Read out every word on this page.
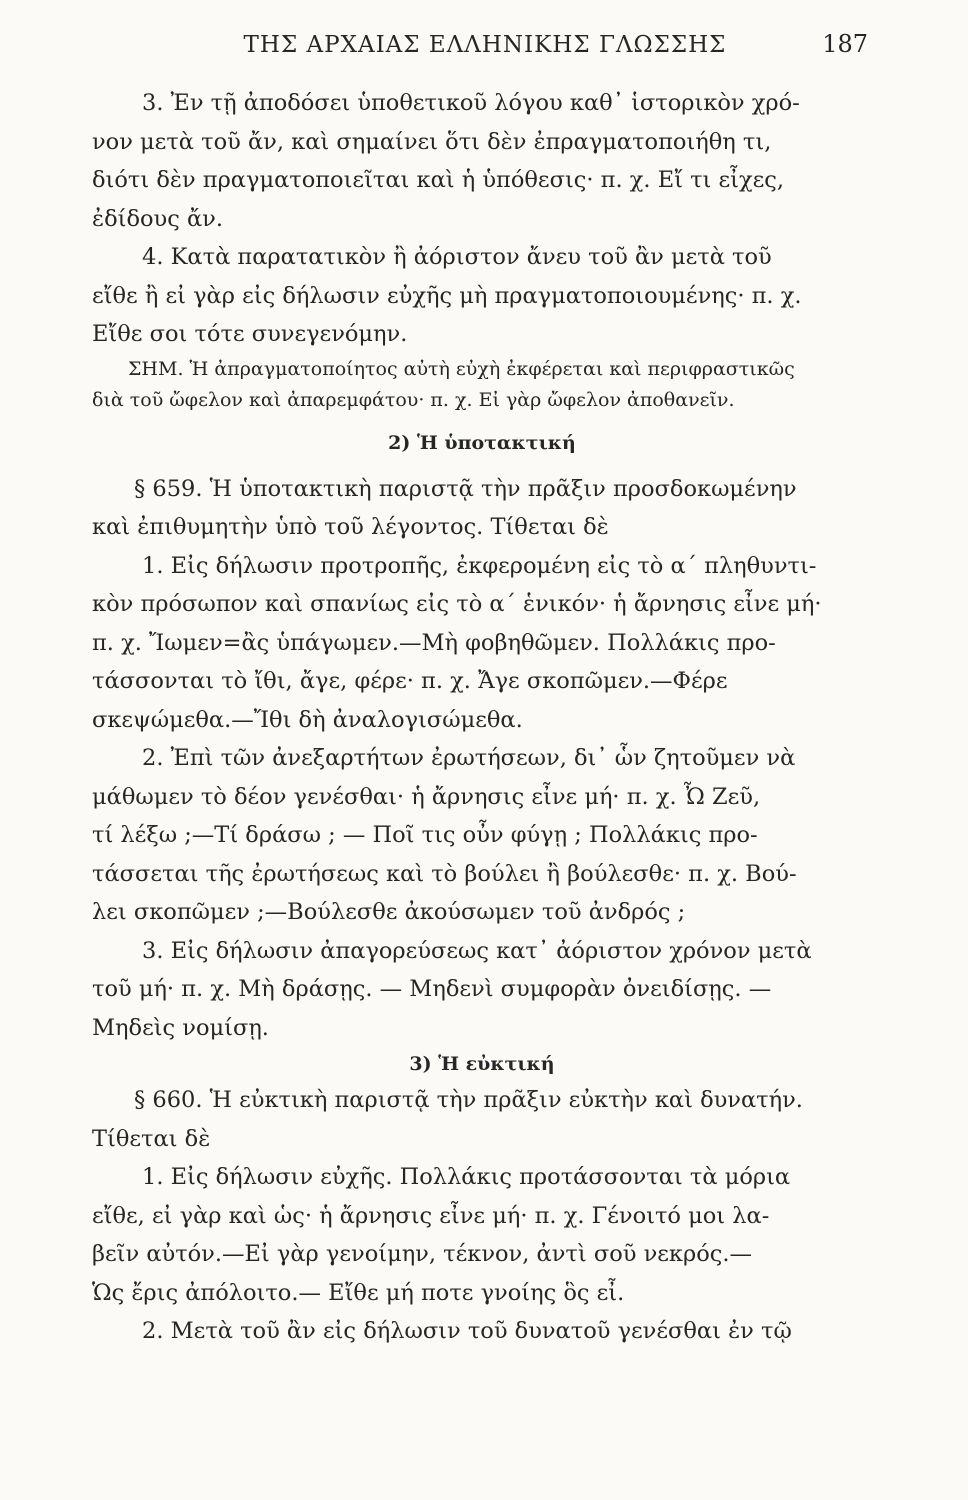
ΤΗΣ ΑΡΧΑΙΑΣ ΕΛΛΗΝΙΚΗΣ ΓΛΩΣΣΗΣ	187
3. Ἐν τῇ ἀποδόσει ὑποθετικοῦ λόγου καθ᾿ ἱστορικὸν χρό-
νον μετὰ τοῦ ἄν, καὶ σημαίνει ὅτι δὲν ἐπραγματοποιήθη τι,
διότι δὲν πραγματοποιεῖται καὶ ἡ ὑπόθεσις· π. χ. Εἴ τι εἶχες,
ἐδίδους ἄν.
4. Κατὰ παρατατικὸν ἢ ἀόριστον ἄνευ τοῦ ἂν μετὰ τοῦ
εἴθε ἢ εἰ γὰρ εἰς δήλωσιν εὐχῆς μὴ πραγματοποιουμένης· π. χ.
Εἴθε σοι τότε συνεγενόμην.
ΣΗΜ. Ἡ ἀπραγματοποίητος αὐτὴ εὐχὴ ἐκφέρεται καὶ περιφραστικῶς
διὰ τοῦ ὤφελον καὶ ἀπαρεμφάτου· π. χ. Εἰ γὰρ ὤφελον ἀποθανεῖν.
2) Ἡ ὑποτακτική
§ 659. Ἡ ὑποτακτικὴ παριστᾷ τὴν πρᾶξιν προσδοκωμένην
καὶ ἐπιθυμητὴν ὑπὸ τοῦ λέγοντος. Τίθεται δὲ
1. Εἰς δήλωσιν προτροπῆς, ἐκφερομένη εἰς τὸ α´ πληθυντι-
κὸν πρόσωπον καὶ σπανίως εἰς τὸ α´ ἑνικόν· ἡ ἄρνησις εἶνε μή·
π. χ. Ἴωμεν=ἂς ὑπάγωμεν.—Μὴ φοβηθῶμεν. Πολλάκις προ-
τάσσονται τὸ ἴθι, ἄγε, φέρε· π. χ. Ἄγε σκοπῶμεν.—Φέρε
σκεψώμεθα.—Ἴθι δὴ ἀναλογισώμεθα.
2. Ἐπὶ τῶν ἀνεξαρτήτων ἐρωτήσεων, δι᾿ ὧν ζητοῦμεν νὰ
μάθωμεν τὸ δέον γενέσθαι· ἡ ἄρνησις εἶνε μή· π. χ. Ὦ Ζεῦ,
τί λέξω ;—Τί δράσω ; — Ποῖ τις οὖν φύγῃ ; Πολλάκις προ-
τάσσεται τῆς ἐρωτήσεως καὶ τὸ βούλει ἢ βούλεσθε· π. χ. Βού-
λει σκοπῶμεν ;—Βούλεσθε ἀκούσωμεν τοῦ ἀνδρός ;
3. Εἰς δήλωσιν ἀπαγορεύσεως κατ᾿ ἀόριστον χρόνον μετὰ
τοῦ μή· π. χ. Μὴ δράσῃς. — Μηδενὶ συμφορὰν ὀνειδίσῃς. —
Μηδεὶς νομίσῃ.
3) Ἡ εὐκτική
§ 660. Ἡ εὐκτικὴ παριστᾷ τὴν πρᾶξιν εὐκτὴν καὶ δυνατήν.
Τίθεται δὲ
1. Εἰς δήλωσιν εὐχῆς. Πολλάκις προτάσσονται τὰ μόρια
εἴθε, εἰ γὰρ καὶ ὡς· ἡ ἄρνησις εἶνε μή· π. χ. Γένοιτό μοι λα-
βεῖν αὐτόν.—Εἰ γὰρ γενοίμην, τέκνον, ἀντὶ σοῦ νεκρός.—
Ὡς ἔρις ἀπόλοιτο.— Εἴθε μή ποτε γνοίης ὃς εἶ.
2. Μετὰ τοῦ ἂν εἰς δήλωσιν τοῦ δυνατοῦ γενέσθαι ἐν τῷ
